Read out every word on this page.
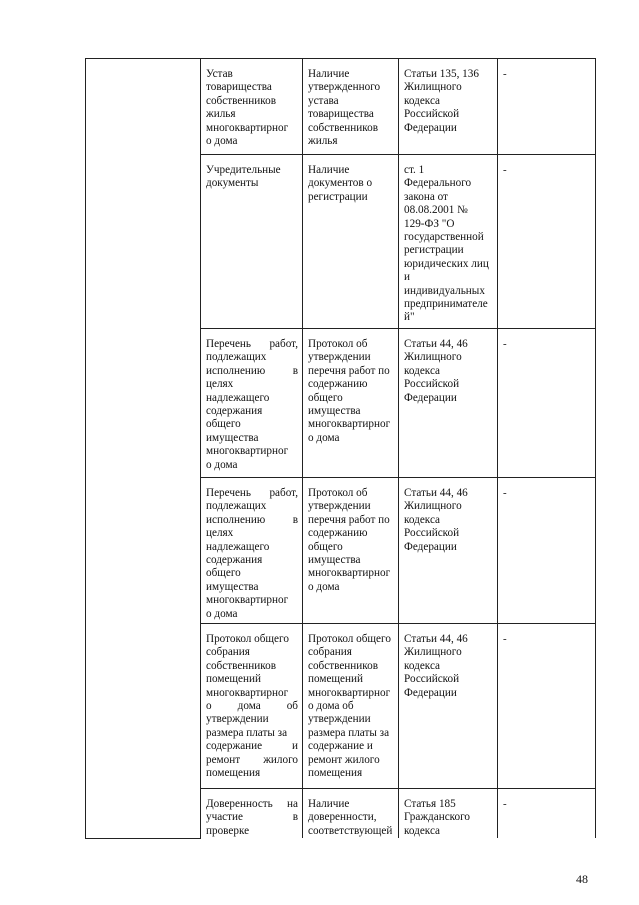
Устав
товарищества
собственников
жилья
многоквартирног
о дома
Наличие
утвержденного
устава
товарищества
собственников
жилья
Статьи 135, 136
Жилищного
кодекса
Российской
Федерации
-
Учредительные
документы
Наличие
документов о
регистрации
ст. 1
Федерального
закона от
08.08.2001 №
129-ФЗ "О
государственной
регистрации
юридических лиц
и
индивидуальных
предпринимателе
й"
-
Перечень работ,
подлежащих
исполнению в
целях
надлежащего
содержания
общего
имущества
многоквартирног
о дома
Протокол об
утверждении
перечня работ по
содержанию
общего
имущества
многоквартирног
о дома
Статьи 44, 46
Жилищного
кодекса
Российской
Федерации
-
Перечень работ,
подлежащих
исполнению в
целях
надлежащего
содержания
общего
имущества
многоквартирног
о дома
Протокол об
утверждении
перечня работ по
содержанию
общего
имущества
многоквартирног
о дома
Статьи 44, 46
Жилищного
кодекса
Российской
Федерации
-
Протокол общего
собрания
собственников
помещений
многоквартирног
о дома об
утверждении
размера платы за
содержание и
ремонт жилого
помещения
Протокол общего
собрания
собственников
помещений
многоквартирног
о дома об
утверждении
размера платы за
содержание и
ремонт жилого
помещения
Статьи 44, 46
Жилищного
кодекса
Российской
Федерации
-
Доверенность на
участие в
проверке
Наличие
доверенности,
соответствующей
Статья 185
Гражданского
кодекса
-
48
